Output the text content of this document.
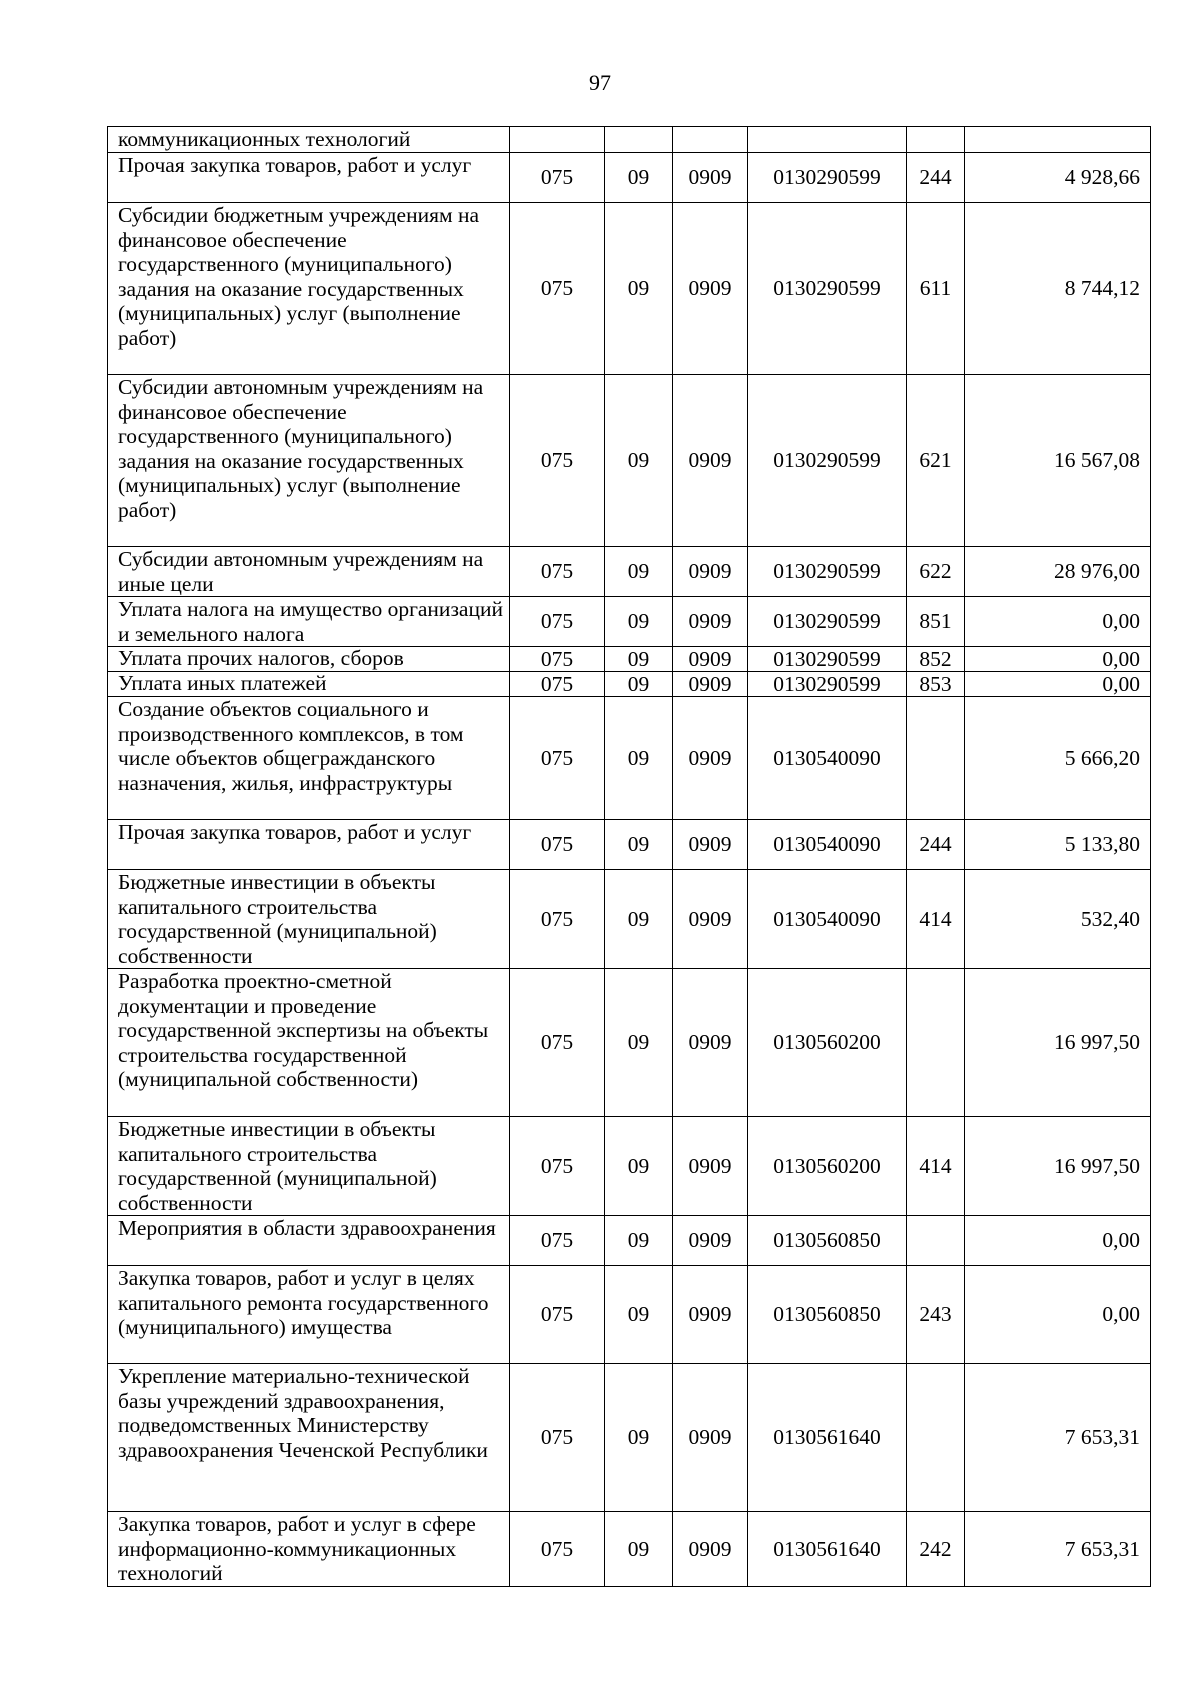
97
коммуникационных технологий						
Прочая закупка товаров, работ и услуг	075	09	0909	0130290599	244	4 928,66
Субсидии бюджетным учреждениям на финансовое обеспечение государственного (муниципального) задания на оказание государственных (муниципальных) услуг (выполнение работ)	075	09	0909	0130290599	611	8 744,12
Субсидии автономным учреждениям на финансовое обеспечение государственного (муниципального) задания на оказание государственных (муниципальных) услуг (выполнение работ)	075	09	0909	0130290599	621	16 567,08
Субсидии автономным учреждениям на иные цели	075	09	0909	0130290599	622	28 976,00
Уплата налога на имущество организаций и земельного налога	075	09	0909	0130290599	851	0,00
Уплата прочих налогов, сборов	075	09	0909	0130290599	852	0,00
Уплата иных платежей	075	09	0909	0130290599	853	0,00
Создание объектов социального и производственного комплексов, в том числе объектов общегражданского назначения, жилья, инфраструктуры	075	09	0909	0130540090		5 666,20
Прочая закупка товаров, работ и услуг	075	09	0909	0130540090	244	5 133,80
Бюджетные инвестиции в объекты капитального строительства государственной (муниципальной) собственности	075	09	0909	0130540090	414	532,40
Разработка проектно-сметной документации и проведение государственной экспертизы на объекты строительства государственной (муниципальной собственности)	075	09	0909	0130560200		16 997,50
Бюджетные инвестиции в объекты капитального строительства государственной (муниципальной) собственности	075	09	0909	0130560200	414	16 997,50
Мероприятия в области здравоохранения	075	09	0909	0130560850		0,00
Закупка товаров, работ и услуг в целях капитального ремонта государственного (муниципального) имущества	075	09	0909	0130560850	243	0,00
Укрепление материально-технической базы учреждений здравоохранения, подведомственных Министерству здравоохранения Чеченской Республики	075	09	0909	0130561640		7 653,31
Закупка товаров, работ и услуг в сфере информационно-коммуникационных технологий	075	09	0909	0130561640	242	7 653,31
